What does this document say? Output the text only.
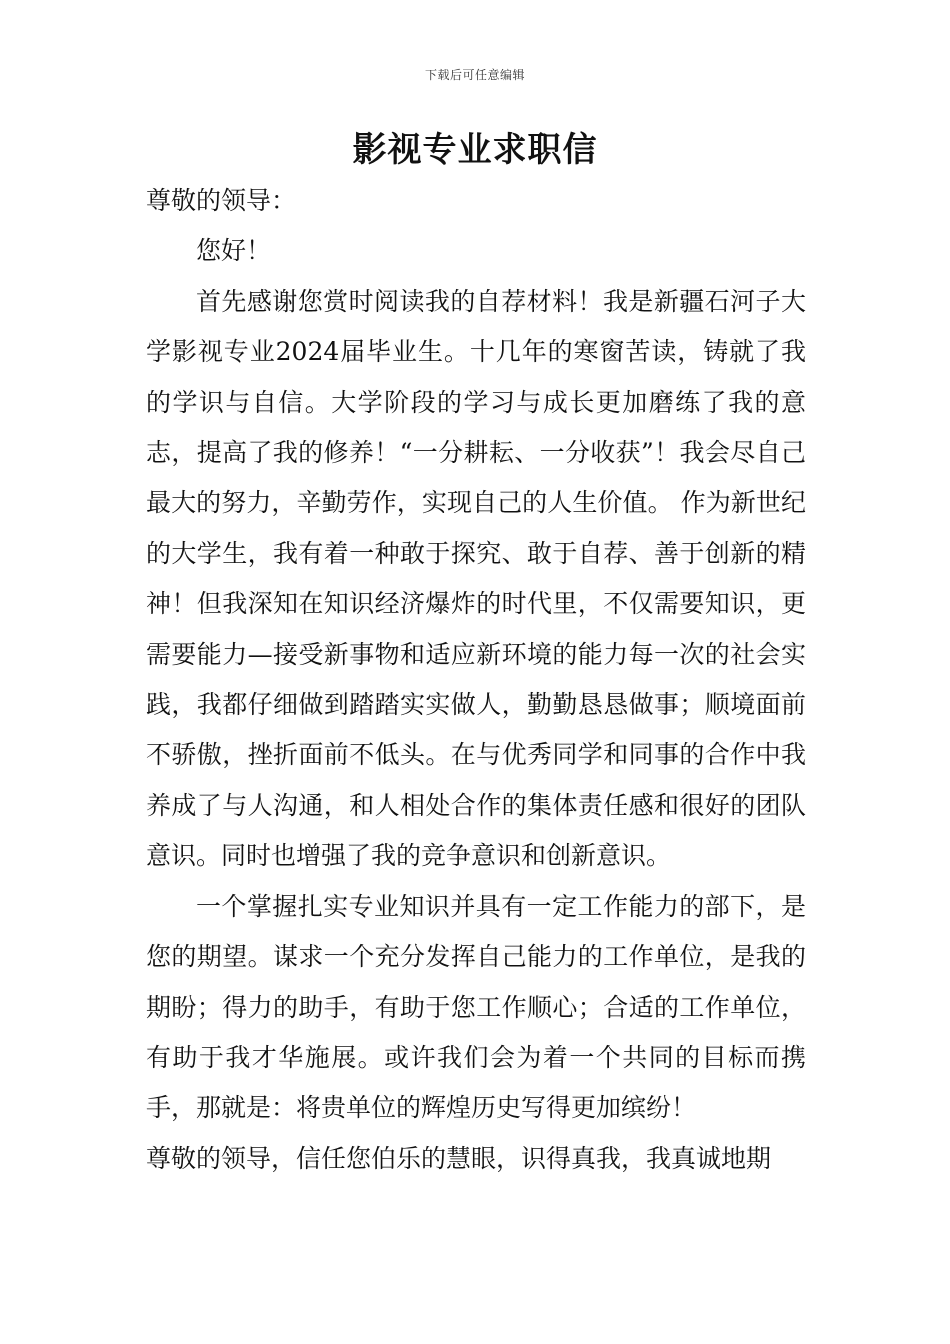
下载后可任意编辑
影视专业求职信

尊敬的领导：

您好！

首先感谢您赏时阅读我的自荐材料！我是新疆石河子大学影视专业2024届毕业生。十几年的寒窗苦读，铸就了我的学识与自信。大学阶段的学习与成长更加磨练了我的意志，提高了我的修养！“一分耕耘、一分收获”！我会尽自己最大的努力，辛勤劳作，实现自己的人生价值。 作为新世纪的大学生，我有着一种敢于探究、敢于自荐、善于创新的精神！但我深知在知识经济爆炸的时代里，不仅需要知识，更需要能力—接受新事物和适应新环境的能力每一次的社会实践，我都仔细做到踏踏实实做人，勤勤恳恳做事；顺境面前不骄傲，挫折面前不低头。在与优秀同学和同事的合作中我养成了与人沟通，和人相处合作的集体责任感和很好的团队意识。同时也增强了我的竞争意识和创新意识。

一个掌握扎实专业知识并具有一定工作能力的部下，是您的期望。谋求一个充分发挥自己能力的工作单位，是我的期盼；得力的助手，有助于您工作顺心；合适的工作单位，有助于我才华施展。或许我们会为着一个共同的目标而携手，那就是：将贵单位的辉煌历史写得更加缤纷！

尊敬的领导，信任您伯乐的慧眼，识得真我，我真诚地期
